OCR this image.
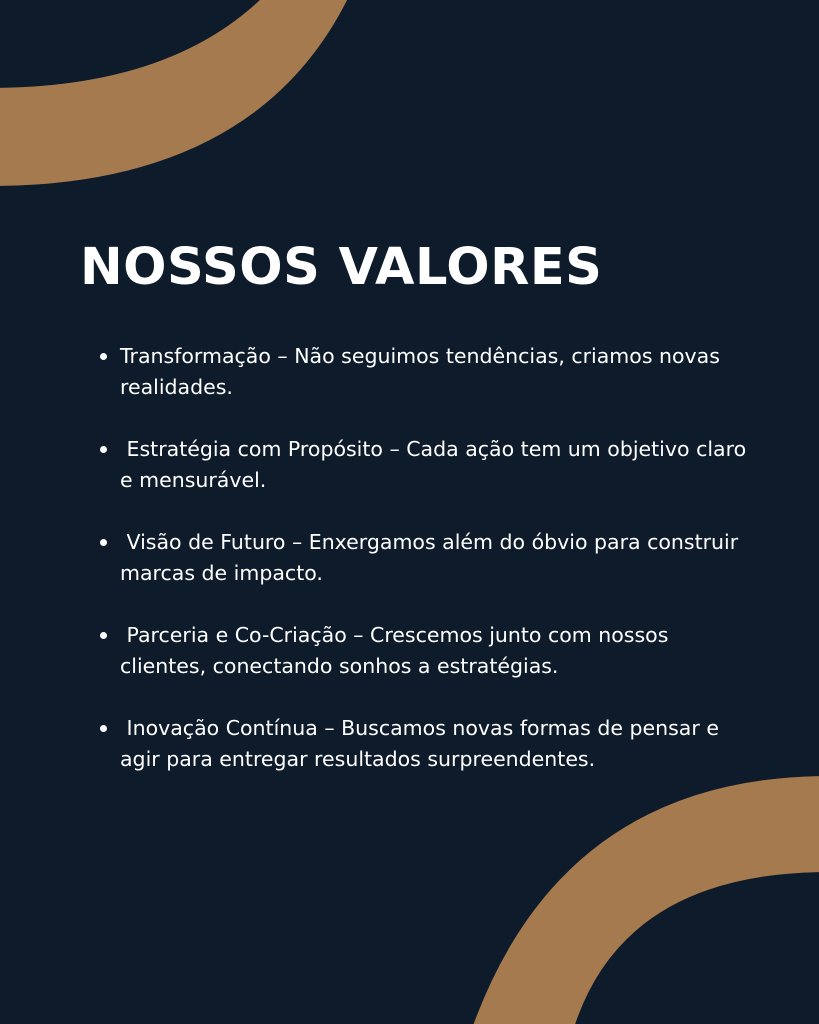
NOSSOS VALORES
Transformação – Não seguimos tendências, criamos novas realidades.
Estratégia com Propósito – Cada ação tem um objetivo claro e mensurável.
Visão de Futuro – Enxergamos além do óbvio para construir marcas de impacto.
Parceria e Co-Criação – Crescemos junto com nossos clientes, conectando sonhos a estratégias.
Inovação Contínua – Buscamos novas formas de pensar e agir para entregar resultados surpreendentes.
